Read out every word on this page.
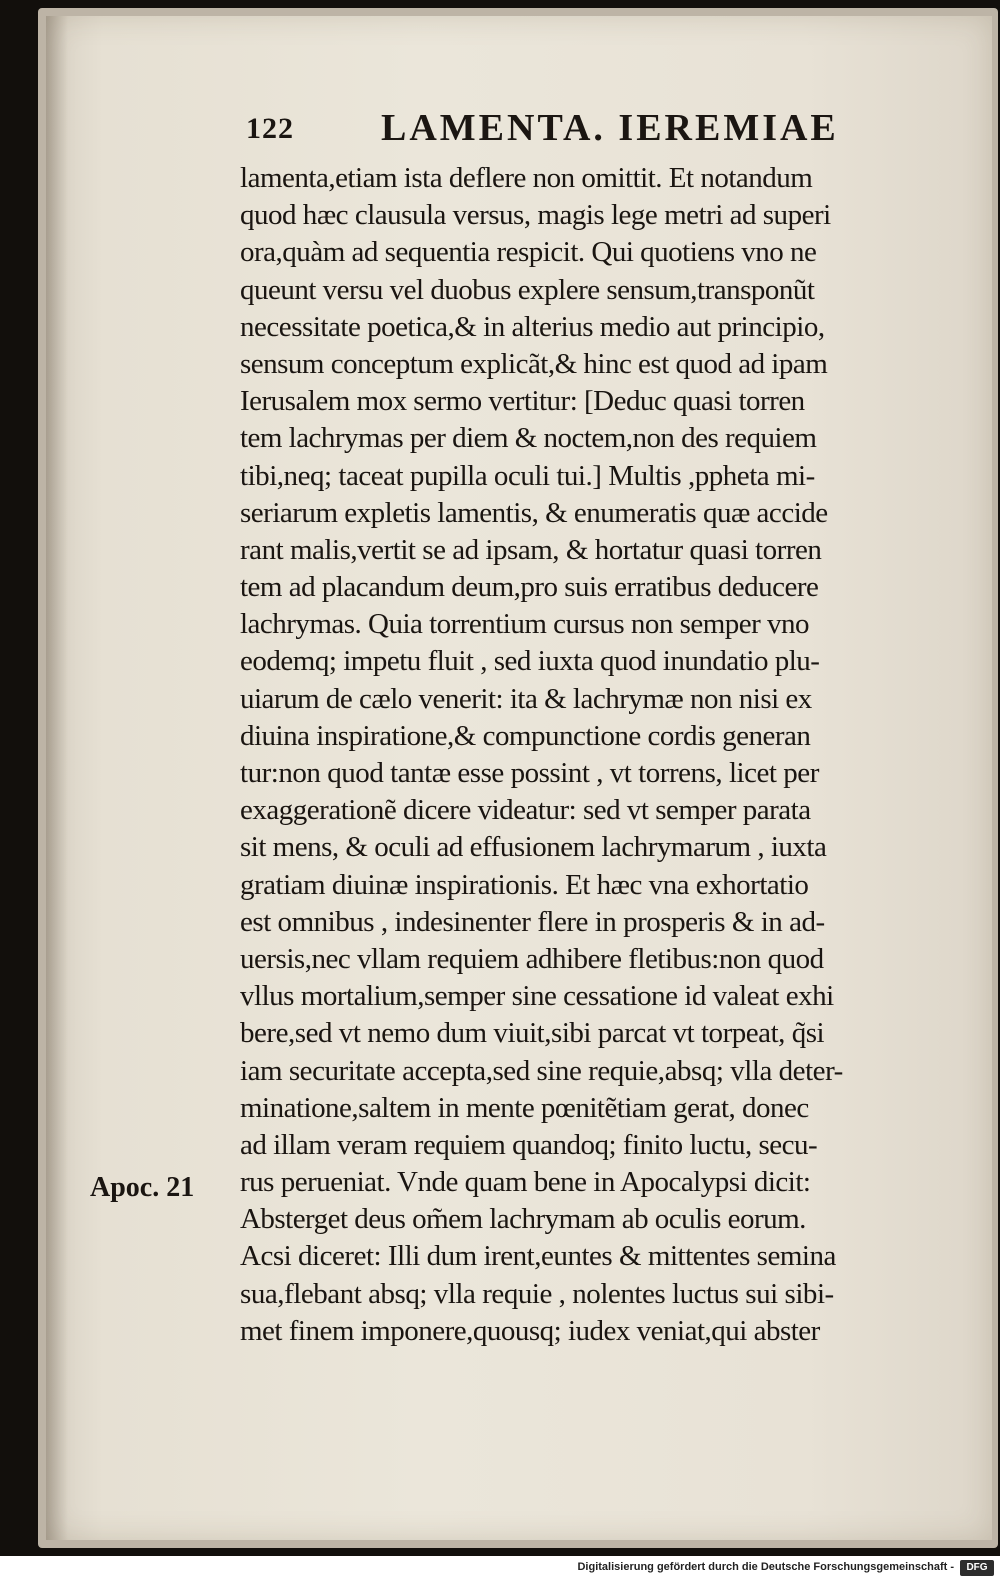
122 LAMENTA. IEREMIAE
lamenta,etiam ista deflere non omittit. Et notandum
quod hæc clausula versus, magis lege metri ad superi
ora,quàm ad sequentia respicit. Qui quotiens vno ne
queunt versu vel duobus explere sensum,transponũt
necessitate poetica,& in alterius medio aut principio,
sensum conceptum explicãt,& hinc est quod ad ipam
Ierusalem mox sermo vertitur: [Deduc quasi torren
tem lachrymas per diem & noctem,non des requiem
tibi,neq; taceat pupilla oculi tui.] Multis ,ppheta mi-
seriarum expletis lamentis, & enumeratis quæ accide
rant malis,vertit se ad ipsam, & hortatur quasi torren
tem ad placandum deum,pro suis erratibus deducere
lachrymas. Quia torrentium cursus non semper vno
eodemq; impetu fluit , sed iuxta quod inundatio plu-
uiarum de cælo venerit: ita & lachrymæ non nisi ex
diuina inspiratione,& compunctione cordis generan
tur:non quod tantæ esse possint , vt torrens, licet per
exaggerationẽ dicere videatur: sed vt semper parata
sit mens, & oculi ad effusionem lachrymarum , iuxta
gratiam diuinæ inspirationis. Et hæc vna exhortatio
est omnibus , indesinenter flere in prosperis & in ad-
uersis,nec vllam requiem adhibere fletibus:non quod
vllus mortalium,semper sine cessatione id valeat exhi
bere,sed vt nemo dum viuit,sibi parcat vt torpeat, q̃si
iam securitate accepta,sed sine requie,absq; vlla deter-
minatione,saltem in mente pœnitẽtiam gerat, donec
ad illam veram requiem quandoq; finito luctu, secu-
rus perueniat. Vnde quam bene in Apocalypsi dicit:
Absterget deus om̃em lachrymam ab oculis eorum.
Acsi diceret: Illi dum irent,euntes & mittentes semina
sua,flebant absq; vlla requie , nolentes luctus sui sibi-
met finem imponere,quousq; iudex veniat,qui abster
Apoc. 21
Digitalisierung gefördert durch die Deutsche Forschungsgemeinschaft -	DFG
